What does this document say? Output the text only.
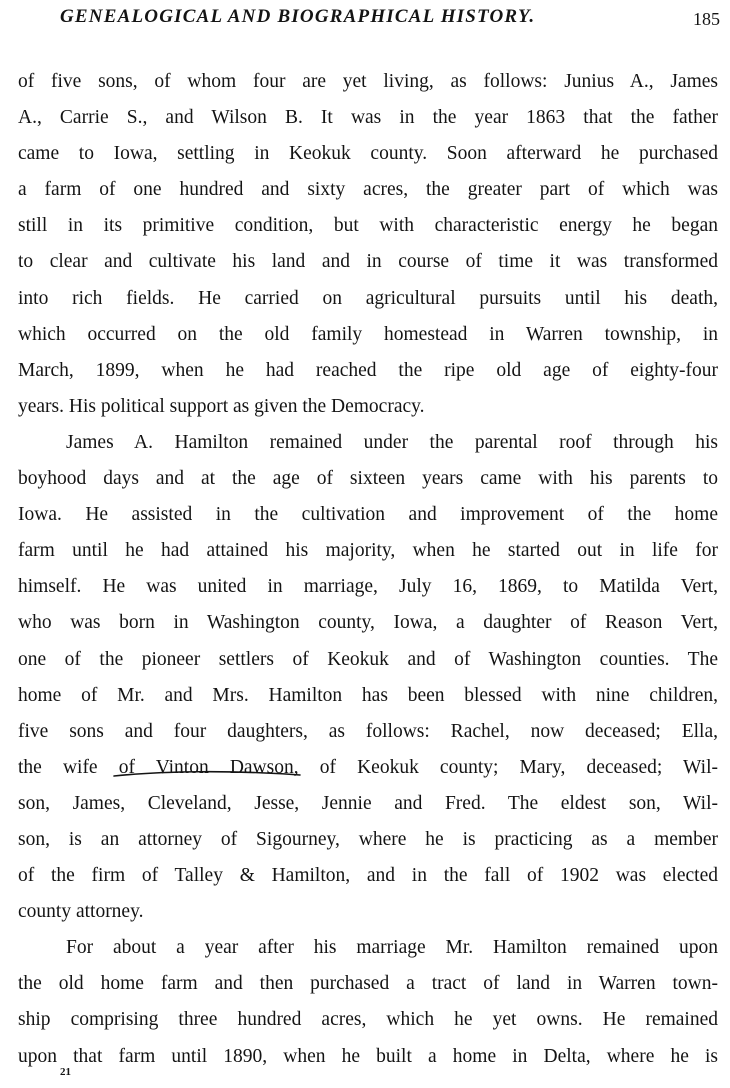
GENEALOGICAL AND BIOGRAPHICAL HISTORY.	185
of five sons, of whom four are yet living, as follows: Junius A., James
A., Carrie S., and Wilson B. It was in the year 1863 that the father
came to Iowa, settling in Keokuk county. Soon afterward he purchased
a farm of one hundred and sixty acres, the greater part of which was
still in its primitive condition, but with characteristic energy he began
to clear and cultivate his land and in course of time it was transformed
into rich fields. He carried on agricultural pursuits until his death,
which occurred on the old family homestead in Warren township, in
March, 1899, when he had reached the ripe old age of eighty-four
years. His political support as given the Democracy.
James A. Hamilton remained under the parental roof through his
boyhood days and at the age of sixteen years came with his parents to
Iowa. He assisted in the cultivation and improvement of the home
farm until he had attained his majority, when he started out in life for
himself. He was united in marriage, July 16, 1869, to Matilda Vert,
who was born in Washington county, Iowa, a daughter of Reason Vert,
one of the pioneer settlers of Keokuk and of Washington counties. The
home of Mr. and Mrs. Hamilton has been blessed with nine children,
five sons and four daughters, as follows: Rachel, now deceased; Ella,
the wife of Vinton Dawson, of Keokuk county; Mary, deceased; Wil-
son, James, Cleveland, Jesse, Jennie and Fred. The eldest son, Wil-
son, is an attorney of Sigourney, where he is practicing as a member
of the firm of Talley & Hamilton, and in the fall of 1902 was elected
county attorney.
For about a year after his marriage Mr. Hamilton remained upon
the old home farm and then purchased a tract of land in Warren town-
ship comprising three hundred acres, which he yet owns. He remained
upon that farm until 1890, when he built a home in Delta, where he is
21
